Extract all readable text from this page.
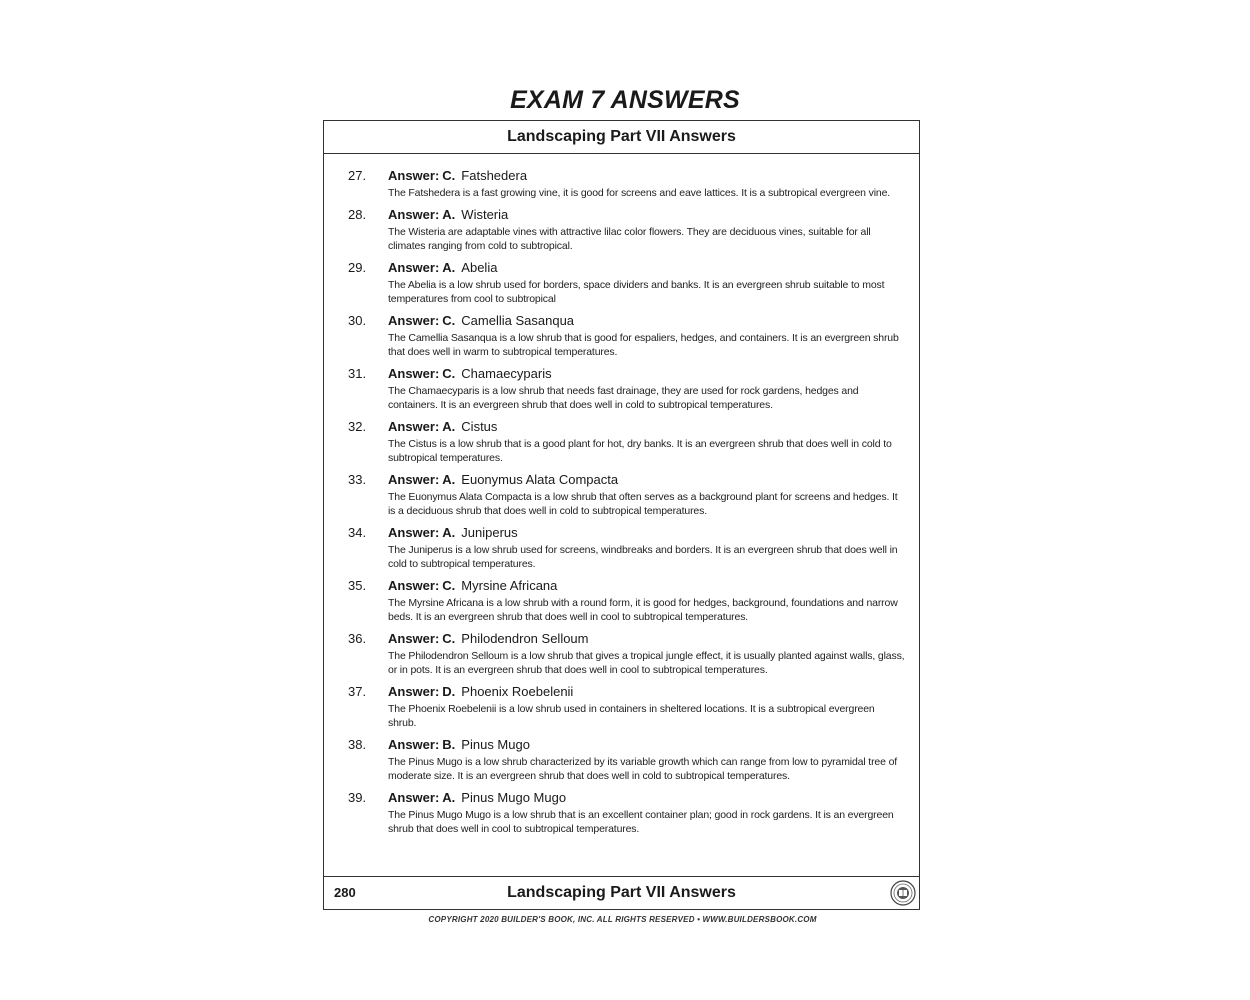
EXAM 7 ANSWERS
Landscaping Part VII Answers
27. Answer: C. Fatshedera
The Fatshedera is a fast growing vine, it is good for screens and eave lattices. It is a subtropical evergreen vine.
28. Answer: A. Wisteria
The Wisteria are adaptable vines with attractive lilac color flowers. They are deciduous vines, suitable for all climates ranging from cold to subtropical.
29. Answer: A. Abelia
The Abelia is a low shrub used for borders, space dividers and banks. It is an evergreen shrub suitable to most temperatures from cool to subtropical
30. Answer: C. Camellia Sasanqua
The Camellia Sasanqua is a low shrub that is good for espaliers, hedges, and containers. It is an evergreen shrub that does well in warm to subtropical temperatures.
31. Answer: C. Chamaecyparis
The Chamaecyparis is a low shrub that needs fast drainage, they are used for rock gardens, hedges and containers. It is an evergreen shrub that does well in cold to subtropical temperatures.
32. Answer: A. Cistus
The Cistus is a low shrub that is a good plant for hot, dry banks. It is an evergreen shrub that does well in cold to subtropical temperatures.
33. Answer: A. Euonymus Alata Compacta
The Euonymus Alata Compacta is a low shrub that often serves as a background plant for screens and hedges. It is a deciduous shrub that does well in cold to subtropical temperatures.
34. Answer: A. Juniperus
The Juniperus is a low shrub used for screens, windbreaks and borders. It is an evergreen shrub that does well in cold to subtropical temperatures.
35. Answer: C. Myrsine Africana
The Myrsine Africana is a low shrub with a round form, it is good for hedges, background, foundations and narrow beds. It is an evergreen shrub that does well in cool to subtropical temperatures.
36. Answer: C. Philodendron Selloum
The Philodendron Selloum is a low shrub that gives a tropical jungle effect, it is usually planted against walls, glass, or in pots. It is an evergreen shrub that does well in cool to subtropical temperatures.
37. Answer: D. Phoenix Roebelenii
The Phoenix Roebelenii is a low shrub used in containers in sheltered locations. It is a subtropical evergreen shrub.
38. Answer: B. Pinus Mugo
The Pinus Mugo is a low shrub characterized by its variable growth which can range from low to pyramidal tree of moderate size. It is an evergreen shrub that does well in cold to subtropical temperatures.
39. Answer: A. Pinus Mugo Mugo
The Pinus Mugo Mugo is a low shrub that is an excellent container plan; good in rock gardens. It is an evergreen shrub that does well in cool to subtropical temperatures.
280	Landscaping Part VII Answers
COPYRIGHT 2020 BUILDER'S BOOK, INC. ALL RIGHTS RESERVED • WWW.BUILDERSBOOK.COM
